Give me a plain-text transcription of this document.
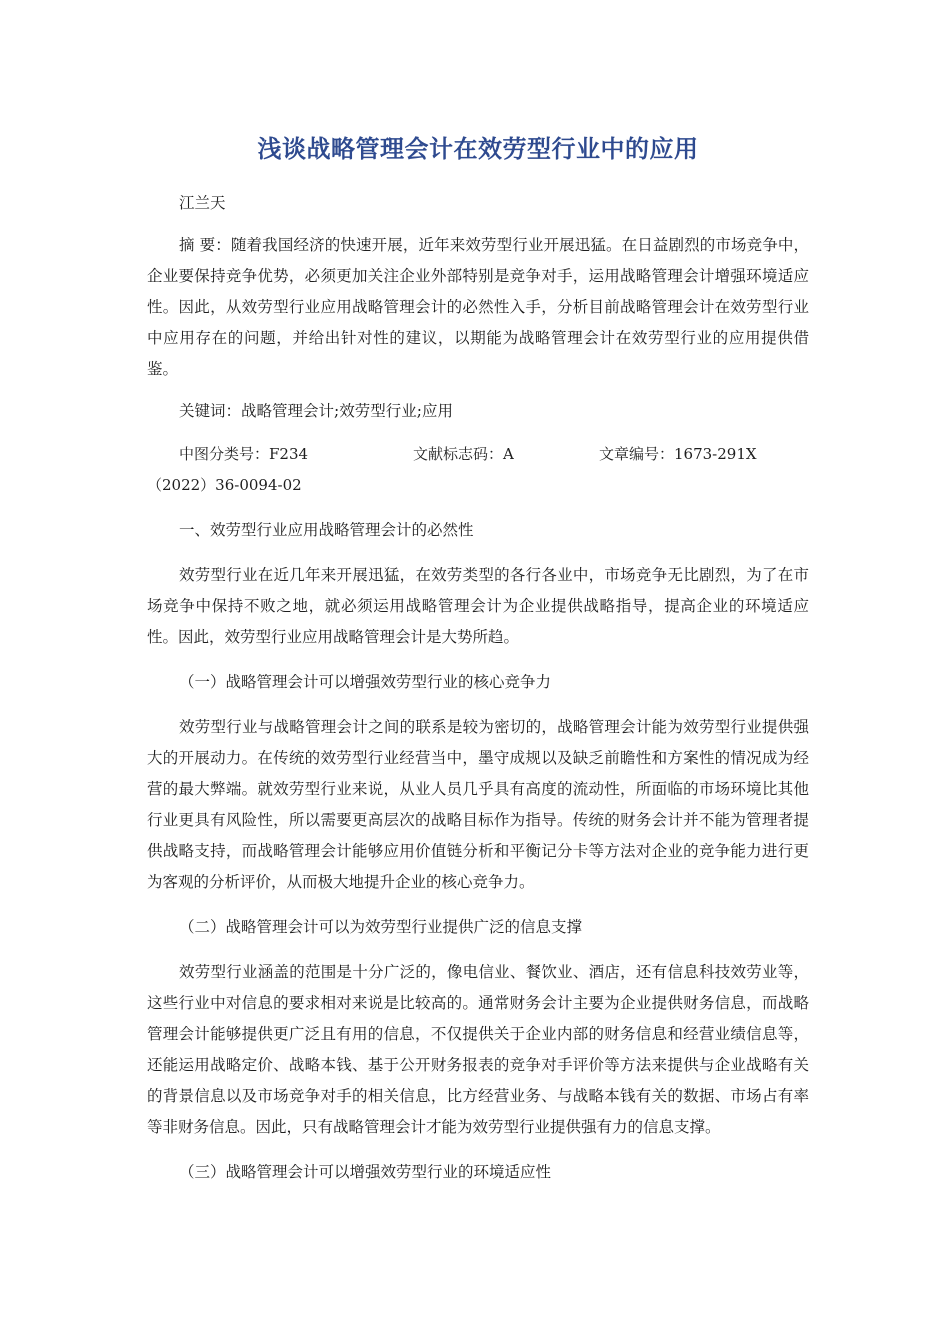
浅谈战略管理会计在效劳型行业中的应用

江兰天

摘 要：随着我国经济的快速开展，近年来效劳型行业开展迅猛。在日益剧烈的市场竞争中，企业要保持竞争优势，必须更加关注企业外部特别是竞争对手，运用战略管理会计增强环境适应性。因此，从效劳型行业应用战略管理会计的必然性入手，分析目前战略管理会计在效劳型行业中应用存在的问题，并给出针对性的建议，以期能为战略管理会计在效劳型行业的应用提供借鉴。

关键词：战略管理会计;效劳型行业;应用

中图分类号：F234	文献标志码：A	文章编号：1673-291X

（2022）36-0094-02

一、效劳型行业应用战略管理会计的必然性

效劳型行业在近几年来开展迅猛，在效劳类型的各行各业中，市场竞争无比剧烈，为了在市场竞争中保持不败之地，就必须运用战略管理会计为企业提供战略指导，提高企业的环境适应性。因此，效劳型行业应用战略管理会计是大势所趋。

（一）战略管理会计可以增强效劳型行业的核心竞争力

效劳型行业与战略管理会计之间的联系是较为密切的，战略管理会计能为效劳型行业提供强大的开展动力。在传统的效劳型行业经营当中，墨守成规以及缺乏前瞻性和方案性的情况成为经营的最大弊端。就效劳型行业来说，从业人员几乎具有高度的流动性，所面临的市场环境比其他行业更具有风险性，所以需要更高层次的战略目标作为指导。传统的财务会计并不能为管理者提供战略支持，而战略管理会计能够应用价值链分析和平衡记分卡等方法对企业的竞争能力进行更为客观的分析评价，从而极大地提升企业的核心竞争力。

（二）战略管理会计可以为效劳型行业提供广泛的信息支撑

效劳型行业涵盖的范围是十分广泛的，像电信业、餐饮业、酒店，还有信息科技效劳业等，这些行业中对信息的要求相对来说是比较高的。通常财务会计主要为企业提供财务信息，而战略管理会计能够提供更广泛且有用的信息，不仅提供关于企业内部的财务信息和经营业绩信息等，还能运用战略定价、战略本钱、基于公开财务报表的竞争对手评价等方法来提供与企业战略有关的背景信息以及市场竞争对手的相关信息，比方经营业务、与战略本钱有关的数据、市场占有率等非财务信息。因此，只有战略管理会计才能为效劳型行业提供强有力的信息支撑。

（三）战略管理会计可以增强效劳型行业的环境适应性
